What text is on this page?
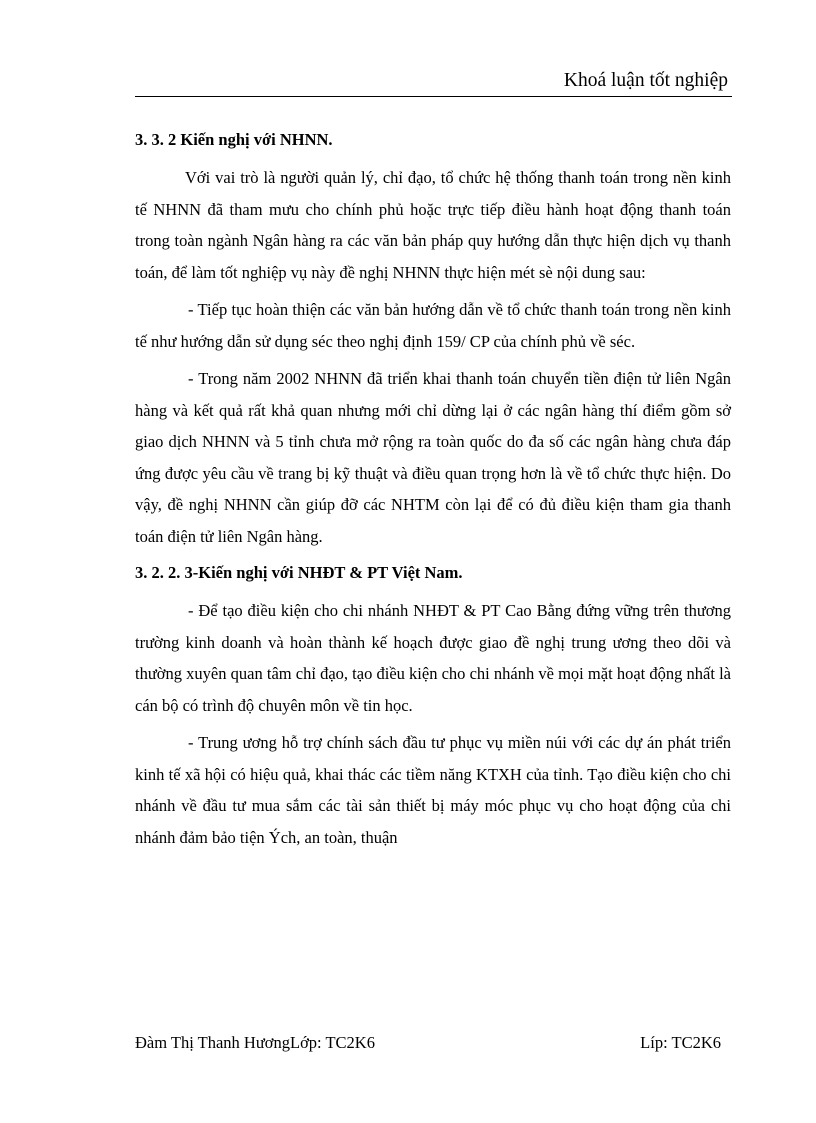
Khoá luận tốt nghiệp
3. 3. 2 Kiến nghị với NHNN.

Với vai trò là người quản lý, chỉ đạo, tổ chức hệ thống thanh toán trong nền kinh tế NHNN đã tham mưu cho chính phủ hoặc trực tiếp điều hành hoạt động thanh toán trong toàn ngành Ngân hàng ra các văn bản pháp quy hướng dẫn thực hiện dịch vụ thanh toán, để làm tốt nghiệp vụ này đề nghị NHNN thực hiện mét sè nội dung sau:

- Tiếp tục hoàn thiện các văn bản hướng dẫn về tổ chức thanh toán trong nền kinh tế như hướng dẫn sử dụng séc theo nghị định 159/ CP của chính phủ về séc.

- Trong năm 2002 NHNN đã triển khai thanh toán chuyển tiền điện tử liên Ngân hàng và kết quả rất khả quan nhưng mới chỉ dừng lại ở các ngân hàng thí điểm gồm sở giao dịch NHNN và 5 tỉnh chưa mở rộng ra toàn quốc do đa số các ngân hàng chưa đáp ứng được yêu cầu về trang bị kỹ thuật và điều quan trọng hơn là về tổ chức thực hiện. Do vậy, đề nghị NHNN cần giúp đỡ các NHTM còn lại để có đủ điều kiện tham gia thanh toán điện tử liên Ngân hàng.

3. 2. 2. 3-Kiến nghị với NHĐT & PT Việt Nam.

- Để tạo điều kiện cho chi nhánh NHĐT & PT Cao Bằng đứng vững trên thương trường kinh doanh và hoàn thành kế hoạch được giao đề nghị trung ương theo dõi và thường xuyên quan tâm chỉ đạo, tạo điều kiện cho chi nhánh về mọi mặt hoạt động nhất là cán bộ có trình độ chuyên môn về tin học.

- Trung ương hỗ trợ chính sách đầu tư phục vụ miền núi với các dự án phát triển kinh tế xã hội có hiệu quả, khai thác các tiềm năng KTXH của tỉnh. Tạo điều kiện cho chi nhánh về đầu tư mua sắm các tài sản thiết bị máy móc phục vụ cho hoạt động của chi nhánh đảm bảo tiện Ých, an toàn, thuận

Đàm Thị Thanh HươngLớp: TC2K6	Líp: TC2K6
